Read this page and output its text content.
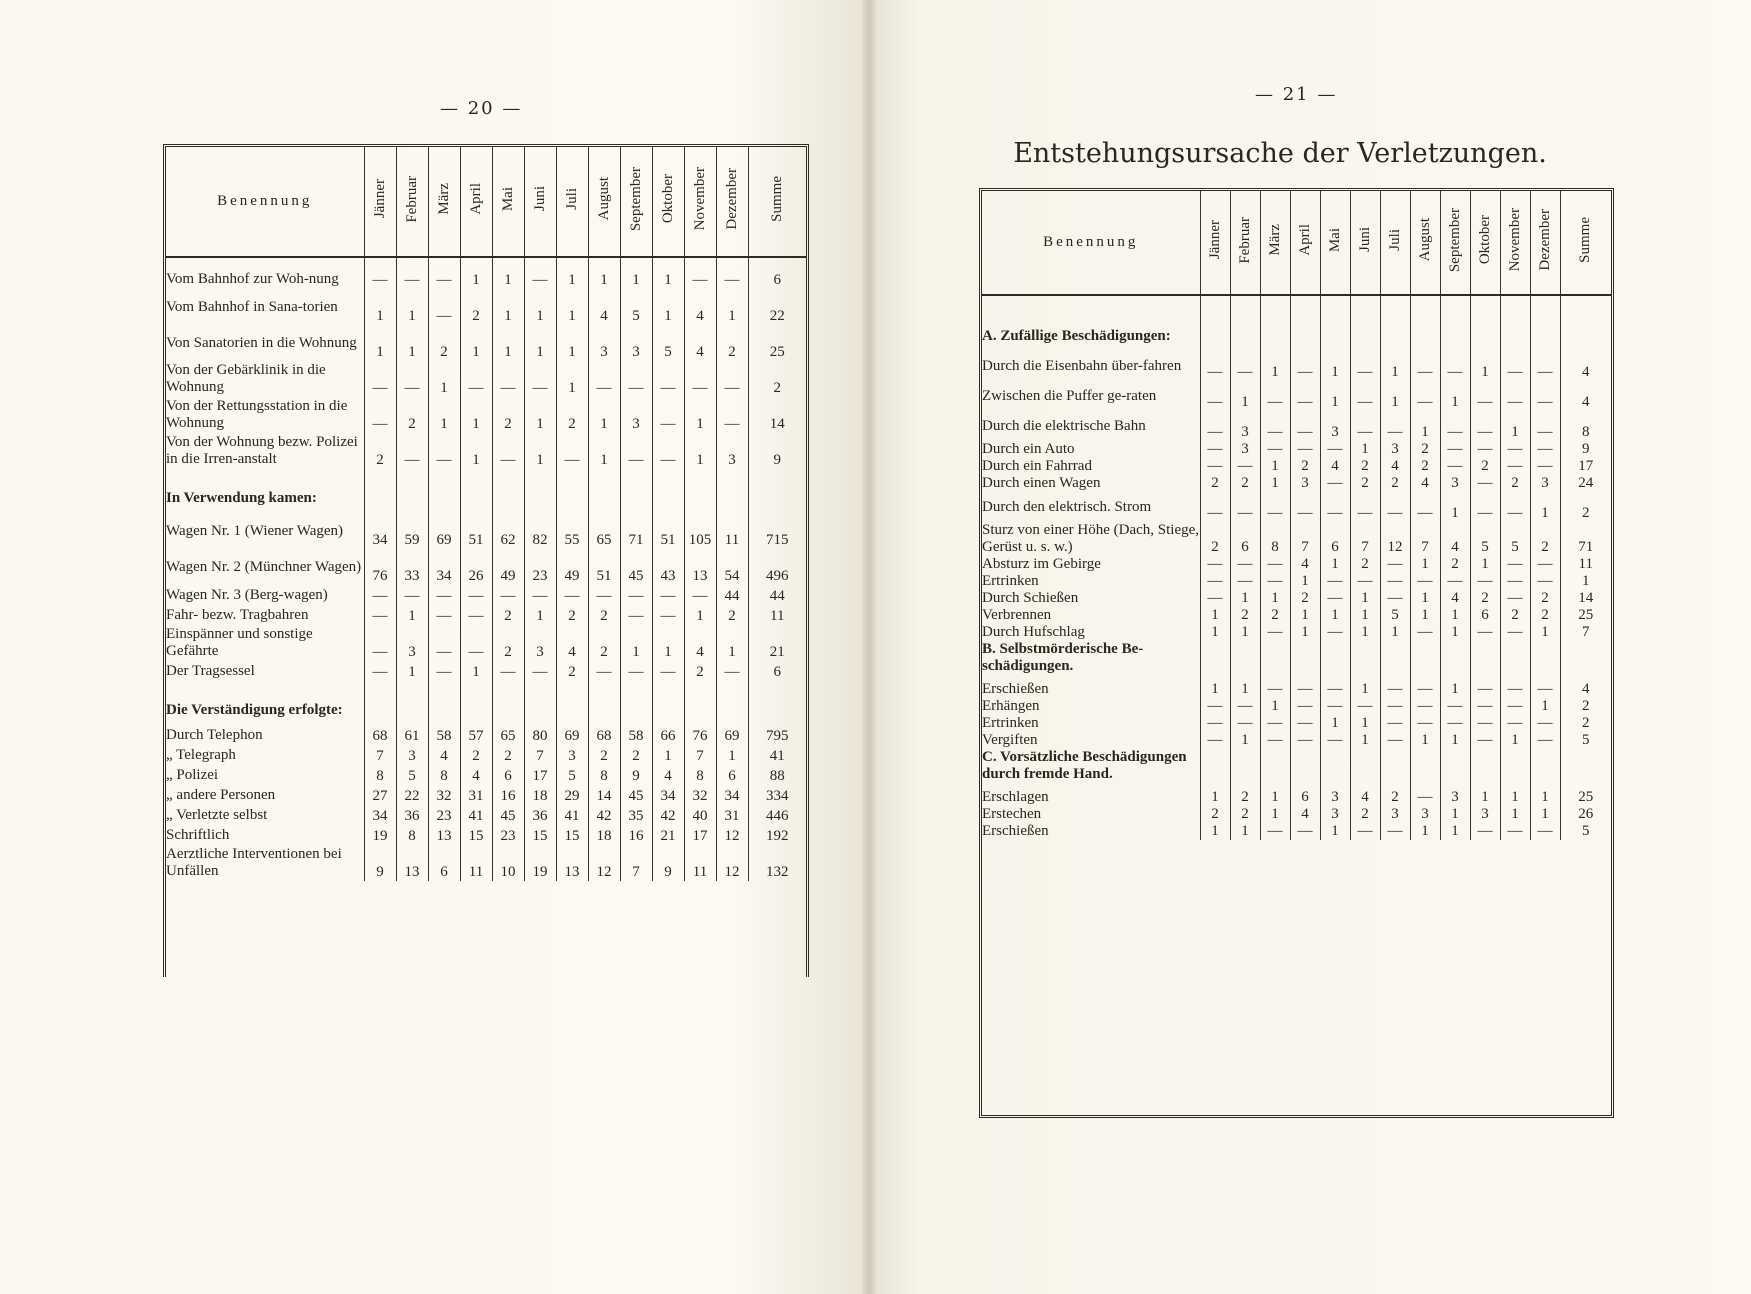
— 20 —
— 21 —
Entstehungsursache der Verletzungen.
Benennung	Jänner	Februar	März	April	Mai	Juni	Juli	August	September	Oktober	November	Dezember	Summe

Vom Bahnhof zur Woh-nung	—	—	—	1	1	—	1	1	1	1	—	—	6
Vom Bahnhof in Sana-torien	1	1	—	2	1	1	1	4	5	1	4	1	22
Von Sanatorien in die Wohnung	1	1	2	1	1	1	1	3	3	5	4	2	25
Von der Gebärklinik in die Wohnung	—	—	1	—	—	—	1	—	—	—	—	—	2
Von der Rettungsstation in die Wohnung	—	2	1	1	2	1	2	1	3	—	1	—	14
Von der Wohnung bezw. Polizei in die Irren-anstalt	2	—	—	1	—	1	—	1	—	—	1	3	9
In Verwendung kamen:													
Wagen Nr. 1 (Wiener Wagen)	34	59	69	51	62	82	55	65	71	51	105	11	715
Wagen Nr. 2 (Münchner Wagen)	76	33	34	26	49	23	49	51	45	43	13	54	496
Wagen Nr. 3 (Berg-wagen)	—	—	—	—	—	—	—	—	—	—	—	44	44
Fahr- bezw. Tragbahren	—	1	—	—	2	1	2	2	—	—	1	2	11
Einspänner und sonstige Gefährte	—	3	—	—	2	3	4	2	1	1	4	1	21
Der Tragsessel	—	1	—	1	—	—	2	—	—	—	2	—	6
Die Verständigung erfolgte:													
Durch Telephon	68	61	58	57	65	80	69	68	58	66	76	69	795
„ Telegraph	7	3	4	2	2	7	3	2	2	1	7	1	41
„ Polizei	8	5	8	4	6	17	5	8	9	4	8	6	88
„ andere Personen	27	22	32	31	16	18	29	14	45	34	32	34	334
„ Verletzte selbst	34	36	23	41	45	36	41	42	35	42	40	31	446
Schriftlich	19	8	13	15	23	15	15	18	16	21	17	12	192
Aerztliche Interventionen bei Unfällen	9	13	6	11	10	19	13	12	7	9	11	12	132
Benennung	Jänner	Februar	März	April	Mai	Juni	Juli	August	September	Oktober	November	Dezember	Summe

A. Zufällige Beschädigungen:													
Durch die Eisenbahn über-fahren	—	—	1	—	1	—	1	—	—	1	—	—	4
Zwischen die Puffer ge-raten	—	1	—	—	1	—	1	—	1	—	—	—	4
Durch die elektrische Bahn	—	3	—	—	3	—	—	1	—	—	1	—	8
Durch ein Auto	—	3	—	—	—	1	3	2	—	—	—	—	9
Durch ein Fahrrad	—	—	1	2	4	2	4	2	—	2	—	—	17
Durch einen Wagen	2	2	1	3	—	2	2	4	3	—	2	3	24
Durch den elektrisch. Strom	—	—	—	—	—	—	—	—	1	—	—	1	2
Sturz von einer Höhe (Dach, Stiege, Gerüst u. s. w.)	2	6	8	7	6	7	12	7	4	5	5	2	71
Absturz im Gebirge	—	—	—	4	1	2	—	1	2	1	—	—	11
Ertrinken	—	—	—	1	—	—	—	—	—	—	—	—	1
Durch Schießen	—	1	1	2	—	1	—	1	4	2	—	2	14
Verbrennen	1	2	2	1	1	1	5	1	1	6	2	2	25
Durch Hufschlag	1	1	—	1	—	1	1	—	1	—	—	1	7
B. Selbstmörderische Be-schädigungen.													
Erschießen	1	1	—	—	—	1	—	—	1	—	—	—	4
Erhängen	—	—	1	—	—	—	—	—	—	—	—	1	2
Ertrinken	—	—	—	—	1	1	—	—	—	—	—	—	2
Vergiften	—	1	—	—	—	1	—	1	1	—	1	—	5
C. Vorsätzliche Beschädigungen durch fremde Hand.													
Erschlagen	1	2	1	6	3	4	2	—	3	1	1	1	25
Erstechen	2	2	1	4	3	2	3	3	1	3	1	1	26
Erschießen	1	1	—	—	1	—	—	1	1	—	—	—	5
